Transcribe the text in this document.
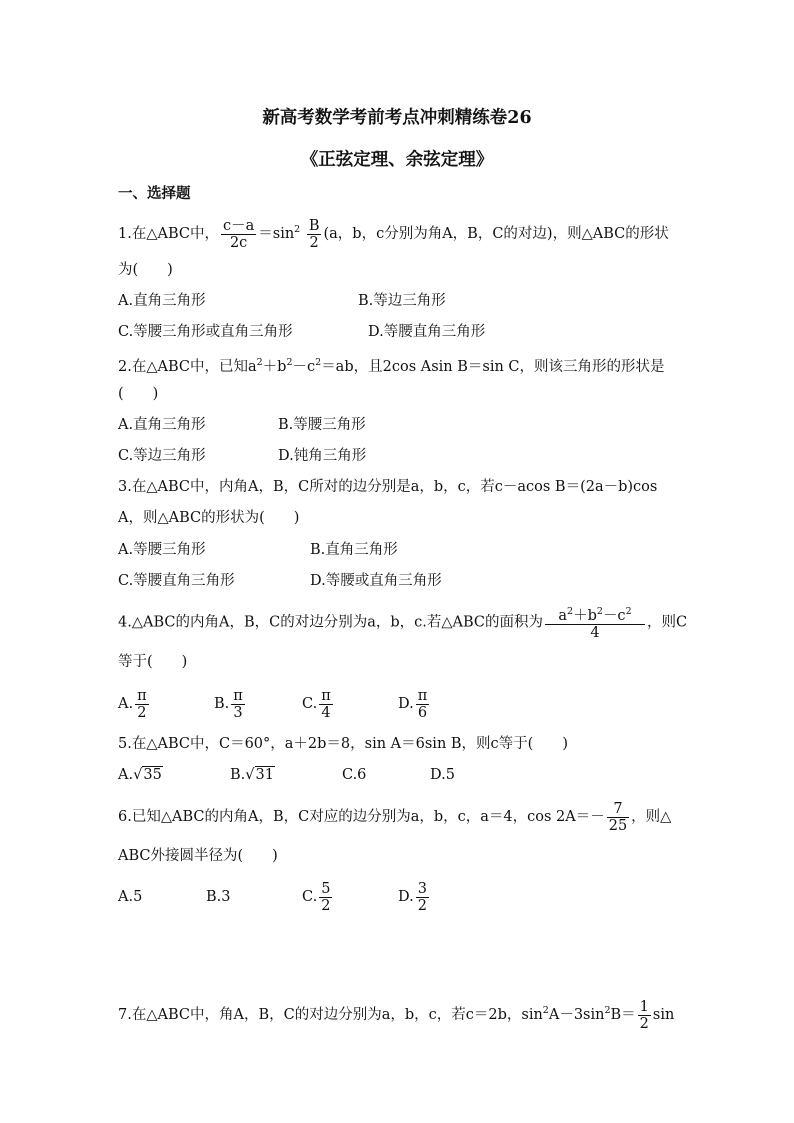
新高考数学考前考点冲刺精练卷26
《正弦定理、余弦定理》
一、选择题
1.在△ABC中， $\frac{c-a}{2c} =\sin^2 \frac{B}{2} (a$，b，c分别为角A，B，C的对边)，则△ABC的形状
为(　　)
A.直角三角形	B.等边三角形
C.等腰三角形或直角三角形	D.等腰直角三角形
2.在△ABC中，已知$a^2+b^2-c^2=ab$，且2cos Asin B＝sin C，则该三角形的形状是
(　　)
A.直角三角形	B.等腰三角形
C.等边三角形	D.钝角三角形
3.在△ABC中，内角A，B，C所对的边分别是a，b，c，若c－acos B＝(2a－b)cos
A，则△ABC的形状为(　　)
A.等腰三角形	B.直角三角形
C.等腰直角三角形	D.等腰或直角三角形
4.△ABC的内角A，B，C的对边分别为a，b，c.若△ABC的面积为 $\frac{a^2+b^2-c^2}{4}$ ，则C
等于(　　)
A. $\frac{\pi}{2}$	B. $\frac{\pi}{3}$	C. $\frac{\pi}{4}$	D. $\frac{\pi}{6}$
5.在△ABC中，C＝60°，a＋2b＝8，sin A＝6sin B，则c等于(　　)
A.√35	B.√31	C.6	D.5
6.已知△ABC的内角A，B，C对应的边分别为a，b，c，a＝4，$\cos 2A=- \frac{7}{25}$ ，则△
ABC外接圆半径为(　　)
A.5	B.3	C. $\frac{5}{2}$	D. $\frac{3}{2}$
7.在△ABC中，角A，B，C的对边分别为a，b，c，若c＝2b，$\sin^2A-3\sin^2B= \frac{1}{2}$ sin
